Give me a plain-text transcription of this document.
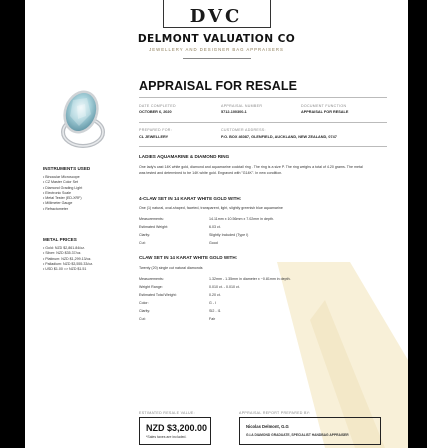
DVC
DELMONT VALUATION CO
JEWELLERY AND DESIGNER BAG APPRAISERS
APPRAISAL FOR RESALE
DATE COMPLETED
OCTOBER 6, 2020
APPRAISAL NUMBER
5712-100300-1
DOCUMENT FUNCTION
APPRAISAL FOR RESALE
PREPARED FOR:
CL JEWELLERY
CUSTOMER ADDRESS:
P.O. BOX 46087, GLENFIELD, AUCKLAND, NEW ZEALAND, 0747
LADIES AQUAMARINE & DIAMOND RING
One lady's cast 14K white gold, diamond and aquamarine cocktail ring . The ring is a size P. The ring weighs a total of 4.20 grams. The metal was tested and determined to be 14K white gold. Engraved with "G14K". In new condition.
4-CLAW SET IN 14 KARAT WHITE GOLD WITH:
One (1) natural, oval-shaped, faceted, transparent, light, slightly greenish blue aquamarine
Measurements:	14.11mm x 10.56mm x 7.02mm in depth.
Estimated Weight:	6.03 ct.
Clarity:	Slightly Included (Type I)
Cut:	Good
CLAW SET IN 14 KARAT WHITE GOLD WITH:
Twenty (20) single cut natural diamonds
Measurements:	1.32mm - 1.35mm in diameter x ~0.81mm in depth.
Weight Range:	0.010 ct. - 0.010 ct.
Estimated Total Weight:	0.20 ct.
Color:	G - I
Clarity:	SI2 - I1
Cut:	Fair
INSTRUMENTS USED
• Binocular Microscope
• CZ Master Color Set
• Diamond Grading Light
• Electronic Scale
• Metal Tester (ED-XRF)
• Millimeter Gauge
• Refractometer
METAL PRICES
• Gold: NZD $2,861.84/oz.
• Silver: NZD $35.37/oz.
• Platinum: NZD $1,299.13/oz.
• Palladium: NZD $3,555.33/oz.
• USD $1.00 => NZD $1.51
ESTIMATED RESALE VALUE:
NZD $3,200.00
*Sales taxes are included.
APPRAISAL REPORT PREPARED BY:
Nicolas Delmont, G.G
G.I.A DIAMOND GRADUATE, SPECIALIST HANDBAG APPRAISER
